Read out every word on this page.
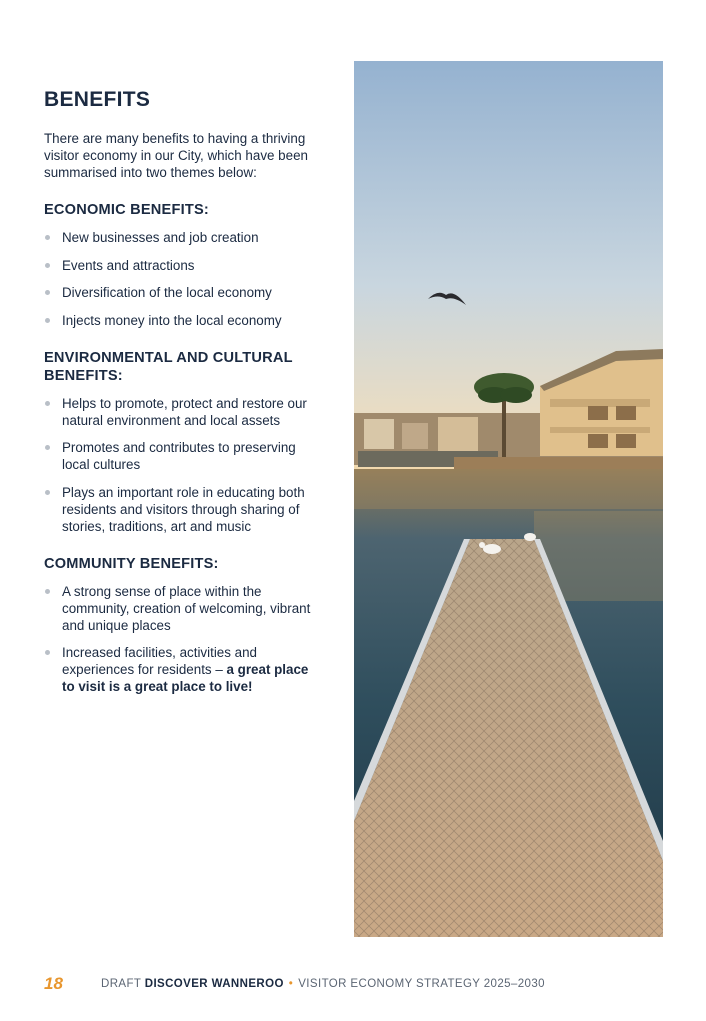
BENEFITS

There are many benefits to having a thriving visitor economy in our City, which have been summarised into two themes below:

ECONOMIC BENEFITS:
New businesses and job creation
Events and attractions
Diversification of the local economy
Injects money into the local economy
ENVIRONMENTAL AND CULTURAL BENEFITS:
Helps to promote, protect and restore our natural environment and local assets
Promotes and contributes to preserving local cultures
Plays an important role in educating both residents and visitors through sharing of stories, traditions, art and music
COMMUNITY BENEFITS:
A strong sense of place within the community, creation of welcoming, vibrant and unique places
Increased facilities, activities and experiences for residents – a great place to visit is a great place to live!
18	DRAFT DISCOVER WANNEROO • VISITOR ECONOMY STRATEGY 2025–2030
